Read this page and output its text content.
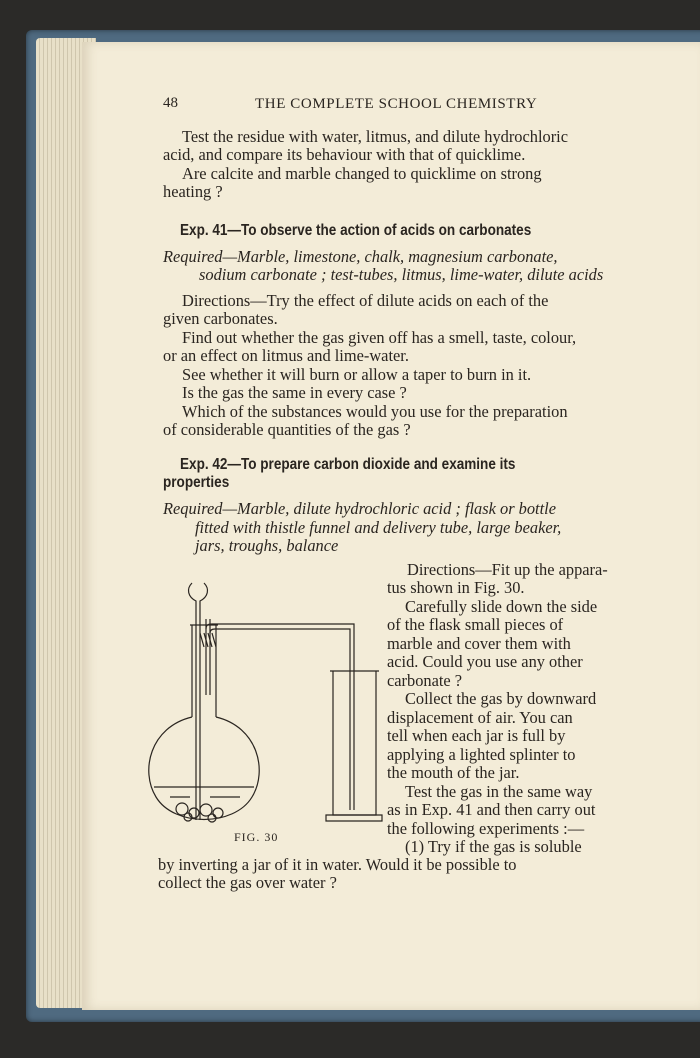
48	THE COMPLETE SCHOOL CHEMISTRY
Test the residue with water, litmus, and dilute hydrochloric
acid, and compare its behaviour with that of quicklime.
Are calcite and marble changed to quicklime on strong
heating ?
Exp. 41—To observe the action of acids on carbonates
Required—Marble, limestone, chalk, magnesium carbonate,
sodium carbonate ; test-tubes, litmus, lime-water, dilute acids
Directions—Try the effect of dilute acids on each of the
given carbonates.
Find out whether the gas given off has a smell, taste, colour,
or an effect on litmus and lime-water.
See whether it will burn or allow a taper to burn in it.
Is the gas the same in every case ?
Which of the substances would you use for the preparation
of considerable quantities of the gas ?
Exp. 42—To prepare carbon dioxide and examine its
properties
Required—Marble, dilute hydrochloric acid ; flask or bottle
fitted with thistle funnel and delivery tube, large beaker,
jars, troughs, balance
Directions—Fit up the appara-
tus shown in Fig. 30.
Carefully slide down the side
of the flask small pieces of
marble and cover them with
acid. Could you use any other
carbonate ?
Collect the gas by downward
displacement of air. You can
tell when each jar is full by
applying a lighted splinter to
the mouth of the jar.
Test the gas in the same way
as in Exp. 41 and then carry out
the following experiments :—
(1) Try if the gas is soluble
by inverting a jar of it in water. Would it be possible to
collect the gas over water ?
FIG. 30
